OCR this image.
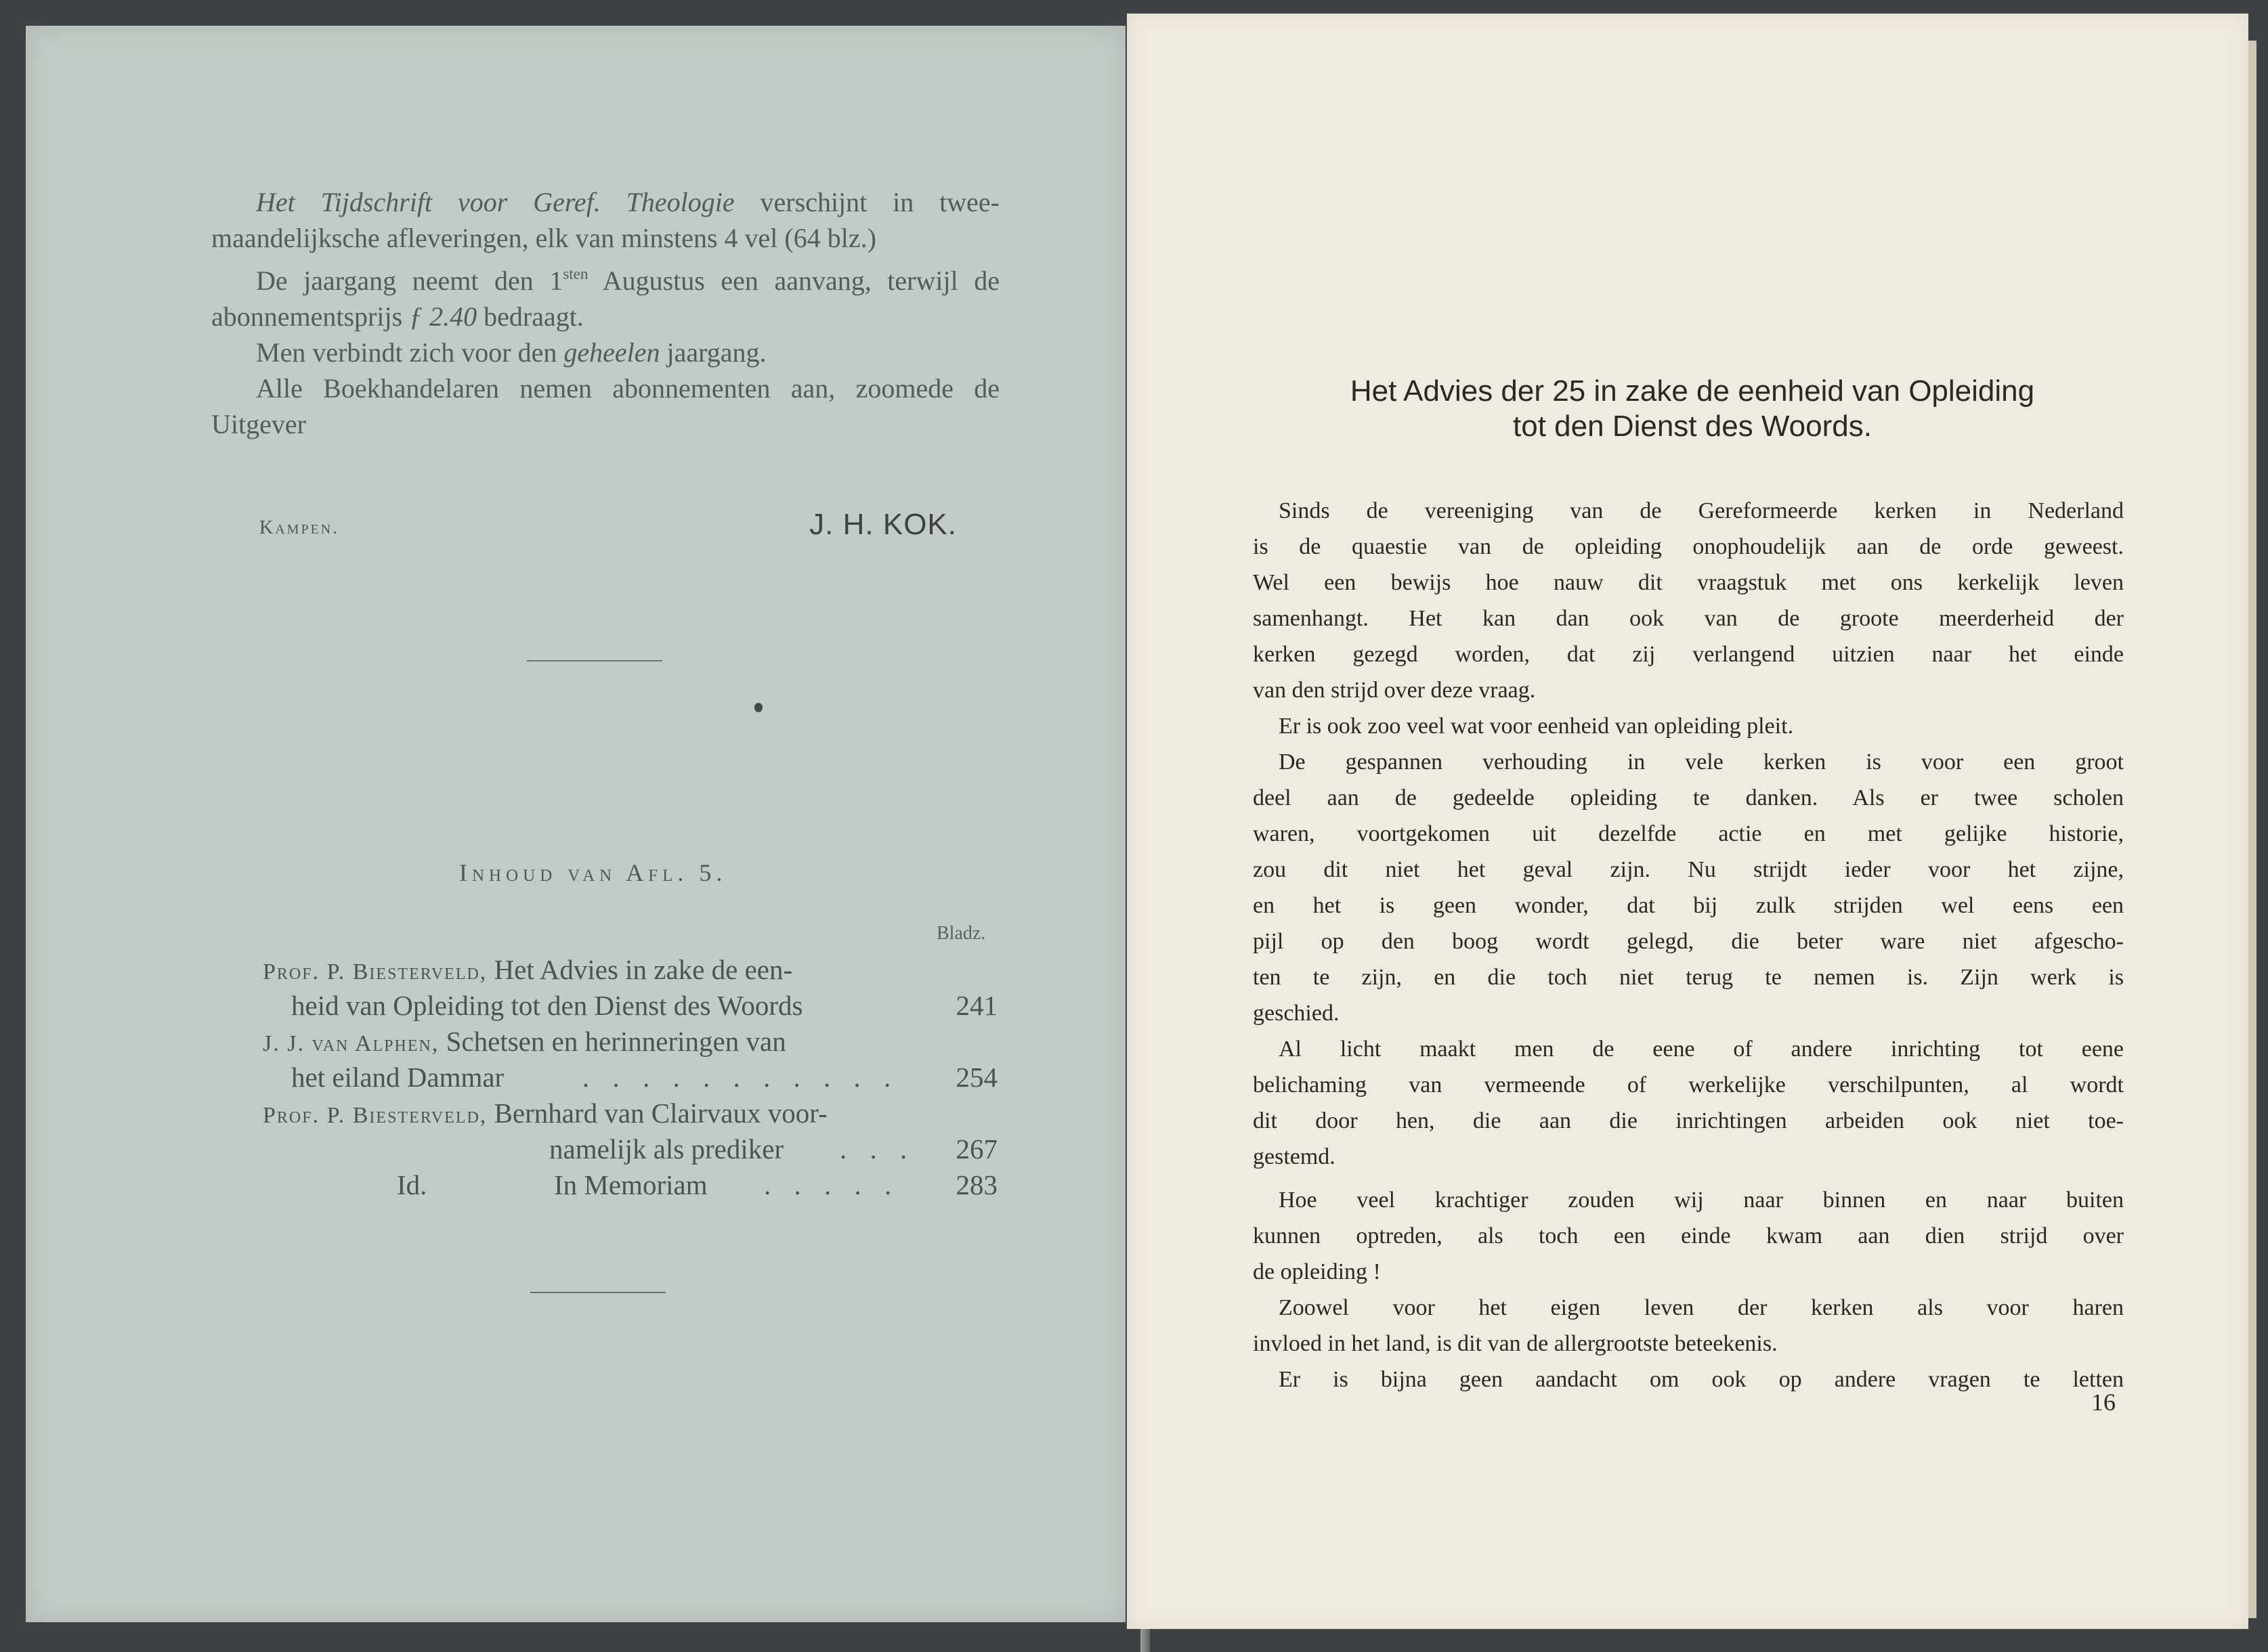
Het Tijdschrift voor Geref. Theologie verschijnt in twee-maandelijksche afleveringen, elk van minstens 4 vel (64 blz.)

De jaargang neemt den $1^{sten}$ Augustus een aanvang, terwijl de abonnementsprijs ƒ 2.40 bedraagt.

Men verbindt zich voor den geheelen jaargang.

Alle Boekhandelaren nemen abonnementen aan, zoomede de Uitgever

Kampen.	J. H. KOK.
Inhoud van Afl. 5.
Bladz.
Prof. P. Biesterveld, Het Advies in zake de een-
heid van Opleiding tot den Dienst des Woords	241
J. J. van Alphen, Schetsen en herinneringen van
het eiland Dammar	. . . . . . . . . . . 254
Prof. P. Biesterveld, Bernhard van Clairvaux voor-
namelijk als prediker . . . 267
Id.	In Memoriam . . . . . 283
Het Advies der 25 in zake de eenheid van Opleiding
tot den Dienst des Woords.
Sinds de vereeniging van de Gereformeerde kerken in Nederland
is de quaestie van de opleiding onophoudelijk aan de orde geweest.
Wel een bewijs hoe nauw dit vraagstuk met ons kerkelijk leven
samenhangt. Het kan dan ook van de groote meerderheid der
kerken gezegd worden, dat zij verlangend uitzien naar het einde
van den strijd over deze vraag.
Er is ook zoo veel wat voor eenheid van opleiding pleit.
De gespannen verhouding in vele kerken is voor een groot
deel aan de gedeelde opleiding te danken. Als er twee scholen
waren, voortgekomen uit dezelfde actie en met gelijke historie,
zou dit niet het geval zijn. Nu strijdt ieder voor het zijne,
en het is geen wonder, dat bij zulk strijden wel eens een
pijl op den boog wordt gelegd, die beter ware niet afgescho-
ten te zijn, en die toch niet terug te nemen is. Zijn werk is
geschied.
Al licht maakt men de eene of andere inrichting tot eene
belichaming van vermeende of werkelijke verschilpunten, al wordt
dit door hen, die aan die inrichtingen arbeiden ook niet toe-
gestemd.
Hoe veel krachtiger zouden wij naar binnen en naar buiten
kunnen optreden, als toch een einde kwam aan dien strijd over
de opleiding !
Zoowel voor het eigen leven der kerken als voor haren
invloed in het land, is dit van de allergrootste beteekenis.
Er is bijna geen aandacht om ook op andere vragen te letten
16
